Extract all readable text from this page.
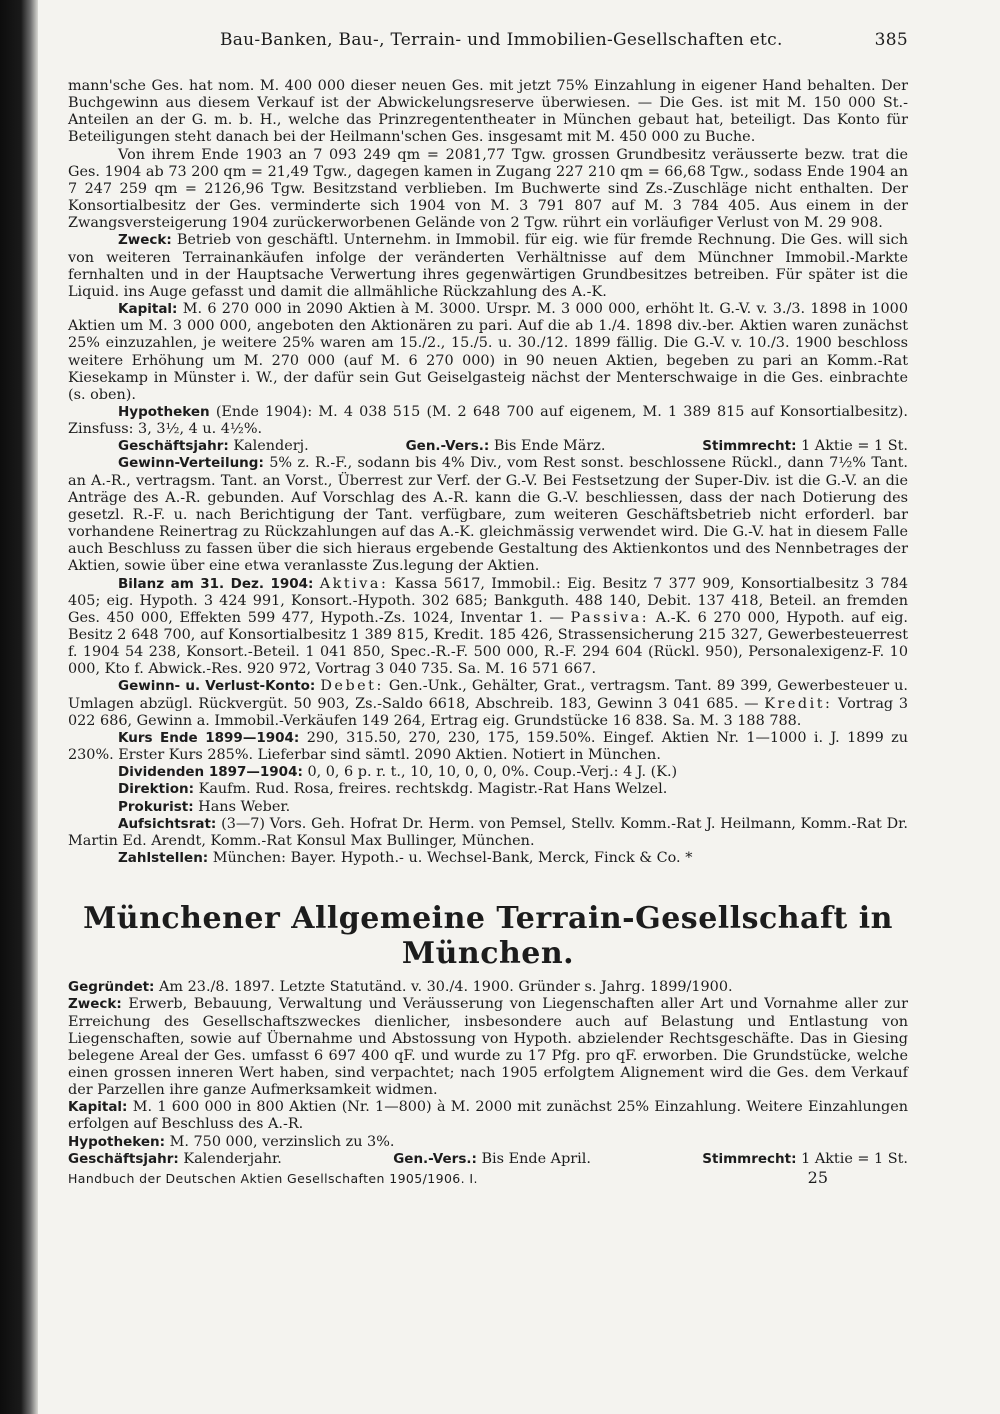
Bau-Banken, Bau-, Terrain- und Immobilien-Gesellschaften etc.	385

mann'sche Ges. hat nom. M. 400 000 dieser neuen Ges. mit jetzt 75% Einzahlung in eigener Hand behalten. Der Buchgewinn aus diesem Verkauf ist der Abwickelungsreserve überwiesen. — Die Ges. ist mit M. 150 000 St.-Anteilen an der G. m. b. H., welche das Prinzregententheater in München gebaut hat, beteiligt. Das Konto für Beteiligungen steht danach bei der Heilmann'schen Ges. insgesamt mit M. 450 000 zu Buche.

Von ihrem Ende 1903 an 7 093 249 qm = 2081,77 Tgw. grossen Grundbesitz veräusserte bezw. trat die Ges. 1904 ab 73 200 qm = 21,49 Tgw., dagegen kamen in Zugang 227 210 qm = 66,68 Tgw., sodass Ende 1904 an 7 247 259 qm = 2126,96 Tgw. Besitzstand verblieben. Im Buchwerte sind Zs.-Zuschläge nicht enthalten. Der Konsortialbesitz der Ges. verminderte sich 1904 von M. 3 791 807 auf M. 3 784 405. Aus einem in der Zwangsversteigerung 1904 zurückerworbenen Gelände von 2 Tgw. rührt ein vorläufiger Verlust von M. 29 908.

Zweck: Betrieb von geschäftl. Unternehm. in Immobil. für eig. wie für fremde Rechnung. Die Ges. will sich von weiteren Terrainankäufen infolge der veränderten Verhältnisse auf dem Münchner Immobil.-Markte fernhalten und in der Hauptsache Verwertung ihres gegenwärtigen Grundbesitzes betreiben. Für später ist die Liquid. ins Auge gefasst und damit die allmähliche Rückzahlung des A.-K.

Kapital: M. 6 270 000 in 2090 Aktien à M. 3000. Urspr. M. 3 000 000, erhöht lt. G.-V. v. 3./3. 1898 in 1000 Aktien um M. 3 000 000, angeboten den Aktionären zu pari. Auf die ab 1./4. 1898 div.-ber. Aktien waren zunächst 25% einzuzahlen, je weitere 25% waren am 15./2., 15./5. u. 30./12. 1899 fällig. Die G.-V. v. 10./3. 1900 beschloss weitere Erhöhung um M. 270 000 (auf M. 6 270 000) in 90 neuen Aktien, begeben zu pari an Komm.-Rat Kiesekamp in Münster i. W., der dafür sein Gut Geiselgasteig nächst der Menterschwaige in die Ges. einbrachte (s. oben).

Hypotheken (Ende 1904): M. 4 038 515 (M. 2 648 700 auf eigenem, M. 1 389 815 auf Konsortialbesitz). Zinsfuss: 3, 3½, 4 u. 4½%.

Geschäftsjahr: Kalenderj.	Gen.-Vers.: Bis Ende März.	Stimmrecht: 1 Aktie = 1 St.

Gewinn-Verteilung: 5% z. R.-F., sodann bis 4% Div., vom Rest sonst. beschlossene Rückl., dann 7½% Tant. an A.-R., vertragsm. Tant. an Vorst., Überrest zur Verf. der G.-V. Bei Festsetzung der Super-Div. ist die G.-V. an die Anträge des A.-R. gebunden. Auf Vorschlag des A.-R. kann die G.-V. beschliessen, dass der nach Dotierung des gesetzl. R.-F. u. nach Berichtigung der Tant. verfügbare, zum weiteren Geschäftsbetrieb nicht erforderl. bar vorhandene Reinertrag zu Rückzahlungen auf das A.-K. gleichmässig verwendet wird. Die G.-V. hat in diesem Falle auch Beschluss zu fassen über die sich hieraus ergebende Gestaltung des Aktienkontos und des Nennbetrages der Aktien, sowie über eine etwa veranlasste Zus.legung der Aktien.

Bilanz am 31. Dez. 1904: Aktiva: Kassa 5617, Immobil.: Eig. Besitz 7 377 909, Konsortialbesitz 3 784 405; eig. Hypoth. 3 424 991, Konsort.-Hypoth. 302 685; Bankguth. 488 140, Debit. 137 418, Beteil. an fremden Ges. 450 000, Effekten 599 477, Hypoth.-Zs. 1024, Inventar 1. — Passiva: A.-K. 6 270 000, Hypoth. auf eig. Besitz 2 648 700, auf Konsortialbesitz 1 389 815, Kredit. 185 426, Strassensicherung 215 327, Gewerbesteuerrest f. 1904 54 238, Konsort.-Beteil. 1 041 850, Spec.-R.-F. 500 000, R.-F. 294 604 (Rückl. 950), Personalexigenz-F. 10 000, Kto f. Abwick.-Res. 920 972, Vortrag 3 040 735. Sa. M. 16 571 667.

Gewinn- u. Verlust-Konto: Debet: Gen.-Unk., Gehälter, Grat., vertragsm. Tant. 89 399, Gewerbesteuer u. Umlagen abzügl. Rückvergüt. 50 903, Zs.-Saldo 6618, Abschreib. 183, Gewinn 3 041 685. — Kredit: Vortrag 3 022 686, Gewinn a. Immobil.-Verkäufen 149 264, Ertrag eig. Grundstücke 16 838. Sa. M. 3 188 788.

Kurs Ende 1899—1904: 290, 315.50, 270, 230, 175, 159.50%. Eingef. Aktien Nr. 1—1000 i. J. 1899 zu 230%. Erster Kurs 285%. Lieferbar sind sämtl. 2090 Aktien. Notiert in München.

Dividenden 1897—1904: 0, 0, 6 p. r. t., 10, 10, 0, 0, 0%. Coup.-Verj.: 4 J. (K.)

Direktion: Kaufm. Rud. Rosa, freires. rechtskdg. Magistr.-Rat Hans Welzel.

Prokurist: Hans Weber.

Aufsichtsrat: (3—7) Vors. Geh. Hofrat Dr. Herm. von Pemsel, Stellv. Komm.-Rat J. Heilmann, Komm.-Rat Dr. Martin Ed. Arendt, Komm.-Rat Konsul Max Bullinger, München.

Zahlstellen: München: Bayer. Hypoth.- u. Wechsel-Bank, Merck, Finck & Co. *

Münchener Allgemeine Terrain-Gesellschaft in München.

Gegründet: Am 23./8. 1897. Letzte Statutänd. v. 30./4. 1900. Gründer s. Jahrg. 1899/1900.

Zweck: Erwerb, Bebauung, Verwaltung und Veräusserung von Liegenschaften aller Art und Vornahme aller zur Erreichung des Gesellschaftszweckes dienlicher, insbesondere auch auf Belastung und Entlastung von Liegenschaften, sowie auf Übernahme und Abstossung von Hypoth. abzielender Rechtsgeschäfte. Das in Giesing belegene Areal der Ges. umfasst 6 697 400 qF. und wurde zu 17 Pfg. pro qF. erworben. Die Grundstücke, welche einen grossen inneren Wert haben, sind verpachtet; nach 1905 erfolgtem Alignement wird die Ges. dem Verkauf der Parzellen ihre ganze Aufmerksamkeit widmen.

Kapital: M. 1 600 000 in 800 Aktien (Nr. 1—800) à M. 2000 mit zunächst 25% Einzahlung. Weitere Einzahlungen erfolgen auf Beschluss des A.-R.

Hypotheken: M. 750 000, verzinslich zu 3%.

Geschäftsjahr: Kalenderjahr.	Gen.-Vers.: Bis Ende April.	Stimmrecht: 1 Aktie = 1 St.

Handbuch der Deutschen Aktien Gesellschaften 1905/1906. I.	25
